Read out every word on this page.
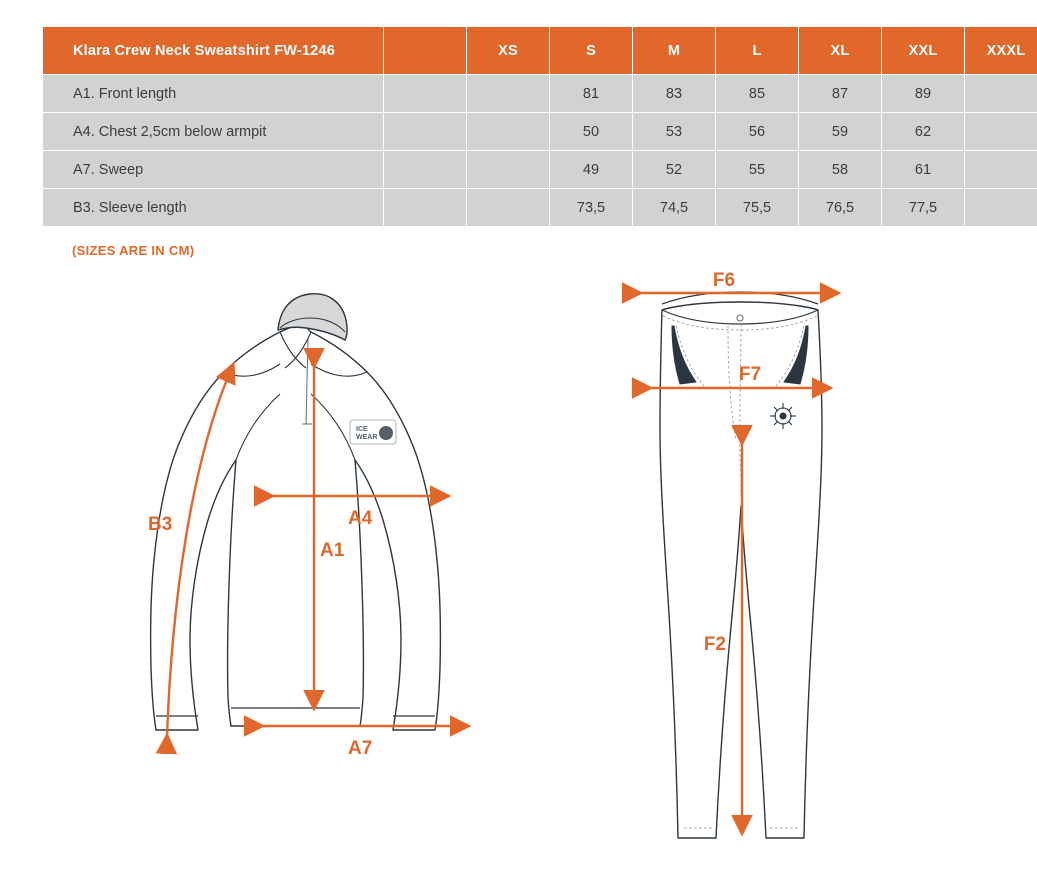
Klara Crew Neck Sweatshirt FW-1246		XS	S	M	L	XL	XXL	XXXL
A1. Front length			81	83	85	87	89	
A4. Chest 2,5cm below armpit			50	53	56	59	62	
A7. Sweep			49	52	55	58	61	
B3. Sleeve length			73,5	74,5	75,5	76,5	77,5	
(SIZES ARE IN CM)
ICE
WEAR
B3	A4
A1
A7
F6
F7
F2
